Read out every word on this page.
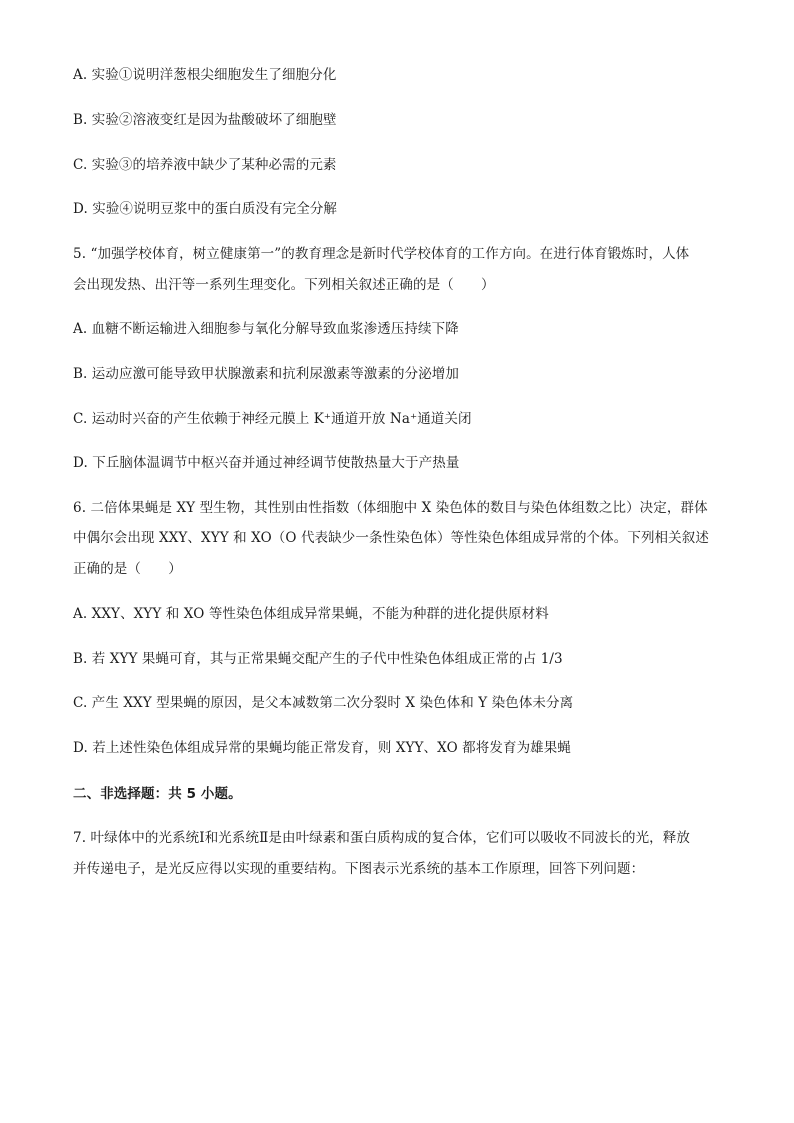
A. 实验①说明洋葱根尖细胞发生了细胞分化
B. 实验②溶液变红是因为盐酸破坏了细胞壁
C. 实验③的培养液中缺少了某种必需的元素
D. 实验④说明豆浆中的蛋白质没有完全分解
5. “加强学校体育，树立健康第一”的教育理念是新时代学校体育的工作方向。在进行体育锻炼时，人体
会出现发热、出汗等一系列生理变化。下列相关叙述正确的是（　　）
A. 血糖不断运输进入细胞参与氧化分解导致血浆渗透压持续下降
B. 运动应激可能导致甲状腺激素和抗利尿激素等激素的分泌增加
C. 运动时兴奋的产生依赖于神经元膜上 K⁺通道开放 Na⁺通道关闭
D. 下丘脑体温调节中枢兴奋并通过神经调节使散热量大于产热量
6. 二倍体果蝇是 XY 型生物，其性别由性指数（体细胞中 X 染色体的数目与染色体组数之比）决定，群体
中偶尔会出现 XXY、XYY 和 XO（O 代表缺少一条性染色体）等性染色体组成异常的个体。下列相关叙述
正确的是（　　）
A. XXY、XYY 和 XO 等性染色体组成异常果蝇，不能为种群的进化提供原材料
B. 若 XYY 果蝇可育，其与正常果蝇交配产生的子代中性染色体组成正常的占 1/3
C. 产生 XXY 型果蝇的原因，是父本减数第二次分裂时 X 染色体和 Y 染色体未分离
D. 若上述性染色体组成异常的果蝇均能正常发育，则 XYY、XO 都将发育为雄果蝇
二、非选择题：共 5 小题。
7. 叶绿体中的光系统Ⅰ和光系统Ⅱ是由叶绿素和蛋白质构成的复合体，它们可以吸收不同波长的光，释放
并传递电子，是光反应得以实现的重要结构。下图表示光系统的基本工作原理，回答下列问题：
